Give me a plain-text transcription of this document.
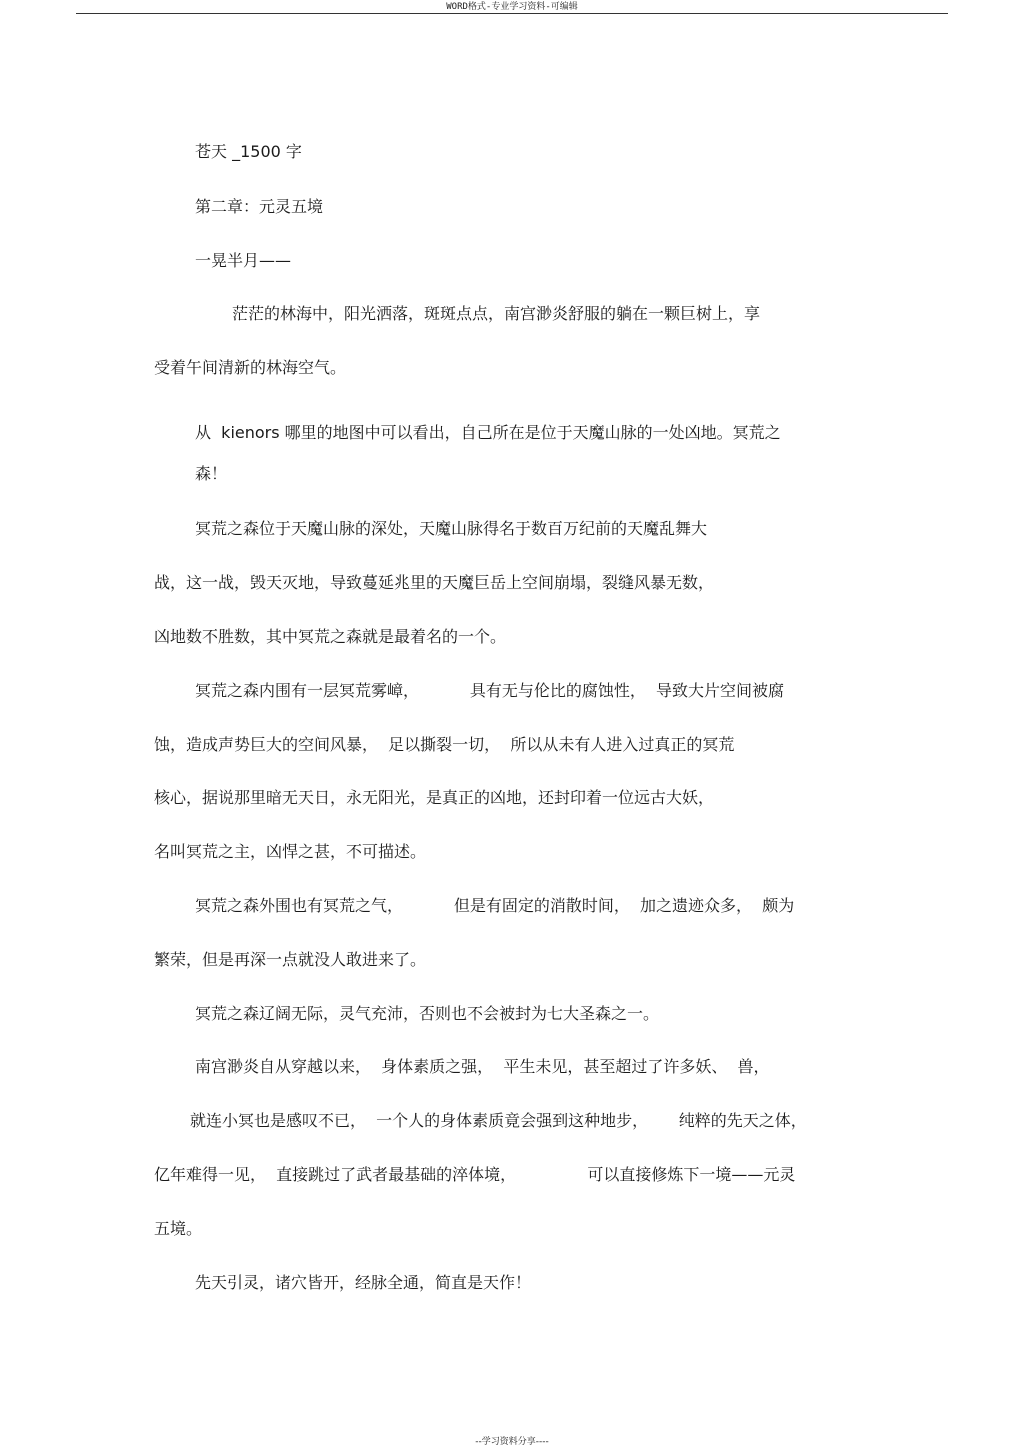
WORD格式-专业学习资料-可编辑
苍天 _1500 字
第二章：元灵五境
一晃半月——
茫茫的林海中，阳光洒落，斑斑点点，南宫渺炎舒服的躺在一颗巨树上，享
受着午间清新的林海空气。
从  kienors 哪里的地图中可以看出，自己所在是位于天魔山脉的一处凶地。冥荒之
森！
冥荒之森位于天魔山脉的深处，天魔山脉得名于数百万纪前的天魔乱舞大
战，这一战，毁天灭地，导致蔓延兆里的天魔巨岳上空间崩塌，裂缝风暴无数，
凶地数不胜数，其中冥荒之森就是最着名的一个。
冥荒之森内围有一层冥荒雾嶂，          具有无与伦比的腐蚀性，  导致大片空间被腐
蚀，造成声势巨大的空间风暴，  足以撕裂一切，  所以从未有人进入过真正的冥荒
核心，据说那里暗无天日，永无阳光，是真正的凶地，还封印着一位远古大妖，
名叫冥荒之主，凶悍之甚，不可描述。
冥荒之森外围也有冥荒之气，          但是有固定的消散时间，  加之遗迹众多，  颇为
繁荣，但是再深一点就没人敢进来了。
冥荒之森辽阔无际，灵气充沛，否则也不会被封为七大圣森之一。
南宫渺炎自从穿越以来，  身体素质之强，  平生未见，甚至超过了许多妖、  兽，
就连小冥也是感叹不已，  一个人的身体素质竟会强到这种地步，      纯粹的先天之体，
亿年难得一见，  直接跳过了武者最基础的淬体境，              可以直接修炼下一境——元灵
五境。
先天引灵，诸穴皆开，经脉全通，简直是天作！
--学习资料分享----
